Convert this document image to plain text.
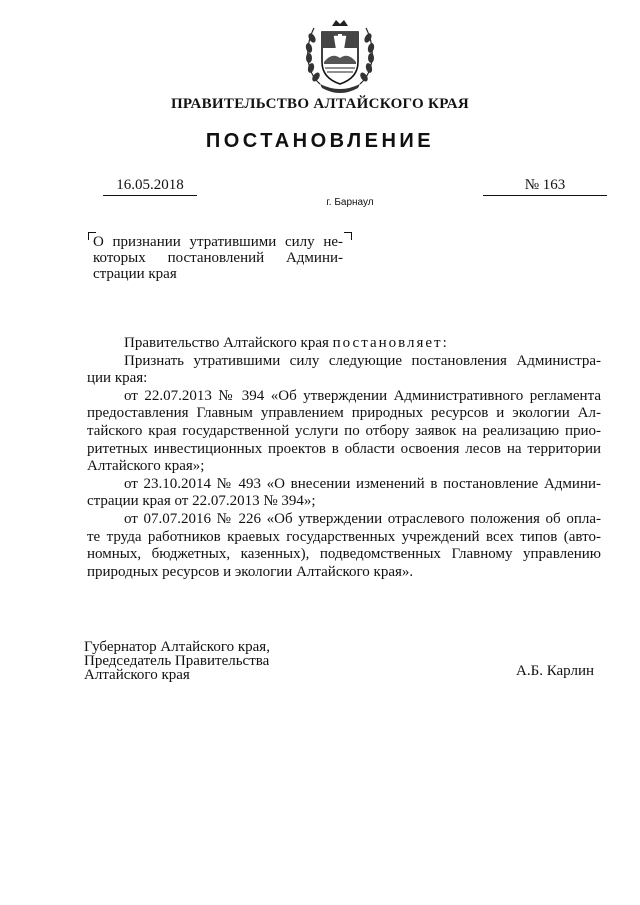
ПРАВИТЕЛЬСТВО АЛТАЙСКОГО КРАЯ
ПОСТАНОВЛЕНИЕ
16.05.2018	№ 163
г. Барнаул
О признании утратившими силу не-
которых постановлений Админи-
страции края
Правительство Алтайского края постановляет:
Признать утратившими силу следующие постановления Администра-
ции края:
от 22.07.2013 № 394 «Об утверждении Административного регламента
предоставления Главным управлением природных ресурсов и экологии Ал-
тайского края государственной услуги по отбору заявок на реализацию прио-
ритетных инвестиционных проектов в области освоения лесов на территории
Алтайского края»;
от 23.10.2014 № 493 «О внесении изменений в постановление Админи-
страции края от 22.07.2013 № 394»;
от 07.07.2016 № 226 «Об утверждении отраслевого положения об опла-
те труда работников краевых государственных учреждений всех типов (авто-
номных, бюджетных, казенных), подведомственных Главному управлению
природных ресурсов и экологии Алтайского края».
Губернатор Алтайского края,
Председатель Правительства
Алтайского края	А.Б. Карлин
